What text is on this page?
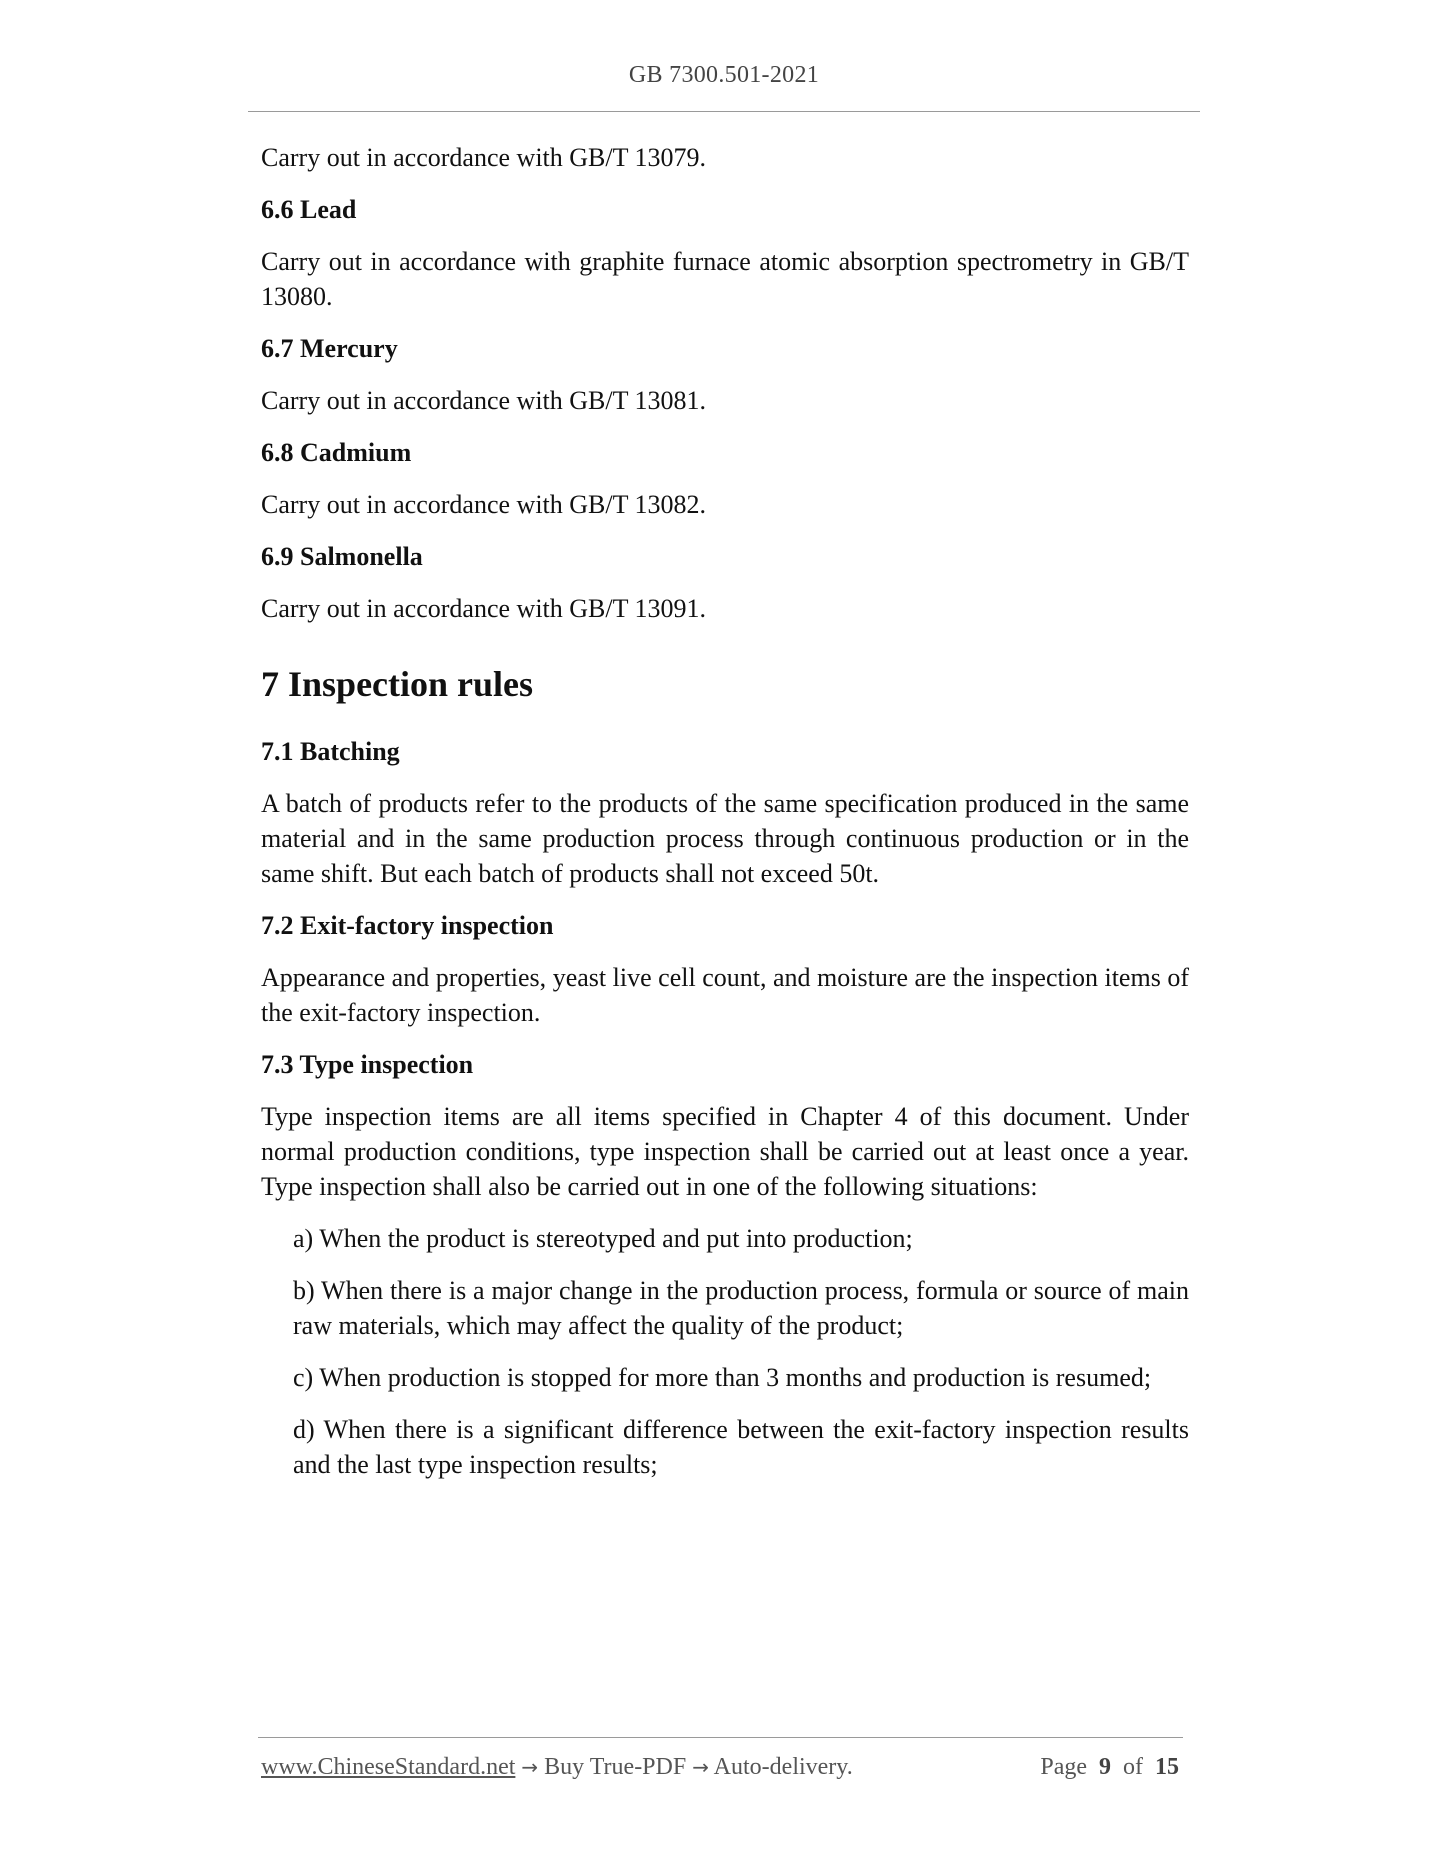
GB 7300.501-2021

Carry out in accordance with GB/T 13079.

6.6 Lead

Carry out in accordance with graphite furnace atomic absorption spectrometry in GB/T 13080.

6.7 Mercury

Carry out in accordance with GB/T 13081.

6.8 Cadmium

Carry out in accordance with GB/T 13082.

6.9 Salmonella

Carry out in accordance with GB/T 13091.

7 Inspection rules

7.1 Batching

A batch of products refer to the products of the same specification produced in the same material and in the same production process through continuous production or in the same shift. But each batch of products shall not exceed 50t.

7.2 Exit-factory inspection

Appearance and properties, yeast live cell count, and moisture are the inspection items of the exit-factory inspection.

7.3 Type inspection

Type inspection items are all items specified in Chapter 4 of this document. Under normal production conditions, type inspection shall be carried out at least once a year. Type inspection shall also be carried out in one of the following situations:

a) When the product is stereotyped and put into production;

b) When there is a major change in the production process, formula or source of main raw materials, which may affect the quality of the product;

c) When production is stopped for more than 3 months and production is resumed;

d) When there is a significant difference between the exit-factory inspection results and the last type inspection results;

www.ChineseStandard.net → Buy True-PDF → Auto-delivery.	Page 9 of 15
